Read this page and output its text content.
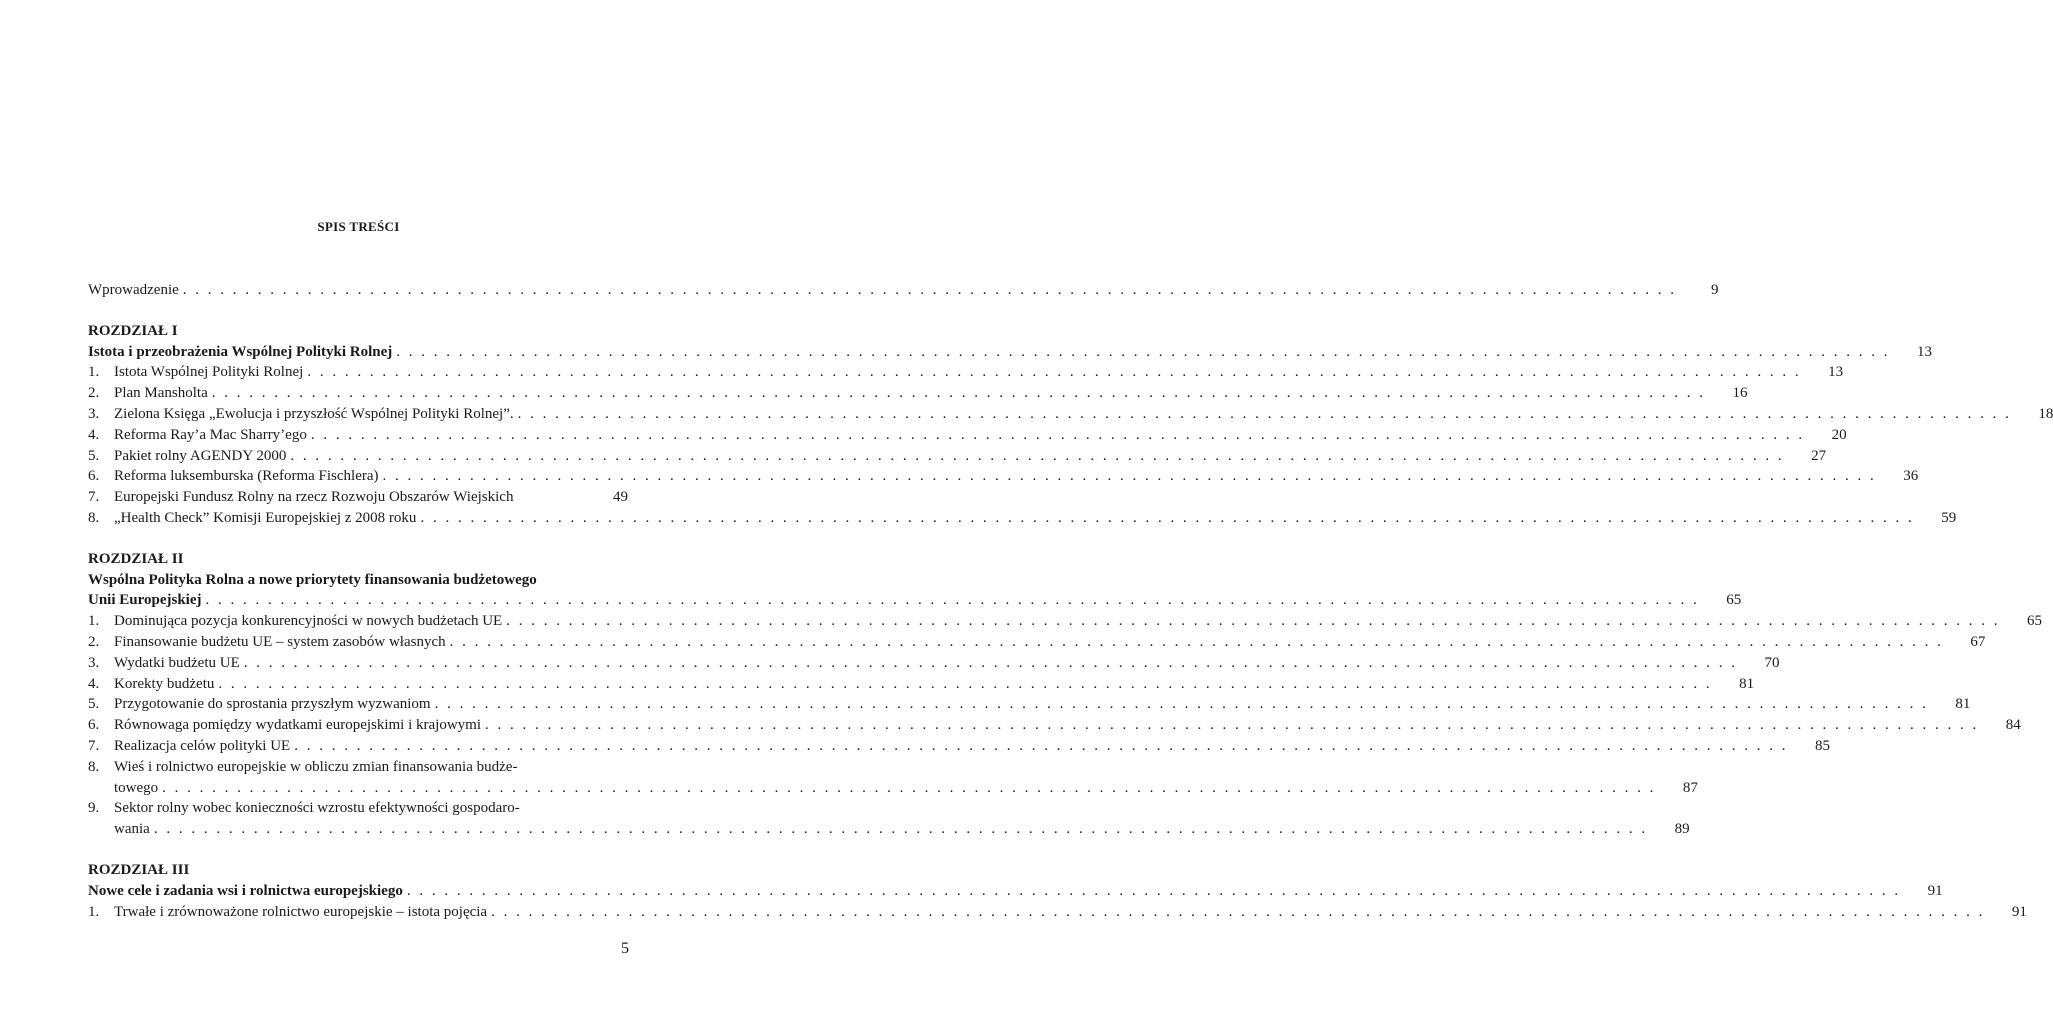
SPIS TREŚCI
Wprowadzenie . . . . . . . . . . . . . . . . . . . . . . . . . . . . . . . . . . . . . . . . . . . . . . . . . . . . . . . . . . . . . . . . . . . . . . . . . . . . . . . . . . . . . . . . . . . . . . . . . . . . . . . . . . . . . . . . . . . . . . . .	9
ROZDZIAŁ I
Istota i przeobrażenia Wspólnej Polityki Rolnej . . . . . . . . . . . . . . . . . . . . . . . . . . . . . . . . . . . . . . . . . . . . . . . . . . . . . . . . . . . . . . . . . . . . . . . . . . . . . . . . . . . . . . . . . . . . . . . . . . . . . . . . . . . . . . . . . . . . . . . .	13
1. Istota Wspólnej Polityki Rolnej . . . . . . . . . . . . . . . . . . . . . . . . . . . . . . . . . . . . . . . . . . . . . . . . . . . . . . . . . . . . . . . . . . . . . . . . . . . . . . . . . . . . . . . . . . . . . . . . . . . . . . . . . . . . . . . . . . . . . . . .	13
2. Plan Mansholta . . . . . . . . . . . . . . . . . . . . . . . . . . . . . . . . . . . . . . . . . . . . . . . . . . . . . . . . . . . . . . . . . . . . . . . . . . . . . . . . . . . . . . . . . . . . . . . . . . . . . . . . . . . . . . . . . . . . . . . .	16
3. Zielona Księga „Ewolucja i przyszłość Wspólnej Polityki Rolnej”. . . . . . . . . . . . . . . . . . . . . . . . . . . . . . . . . . . . . . . . . . . . . . . . . . . . . . . . . . . . . . . . . . . . . . . . . . . . . . . . . . . . . . . . . . . . . . . . . . . . . . . . . . . . . . . . . . . . . . . . .	18
4. Reforma Ray’a Mac Sharry’ego . . . . . . . . . . . . . . . . . . . . . . . . . . . . . . . . . . . . . . . . . . . . . . . . . . . . . . . . . . . . . . . . . . . . . . . . . . . . . . . . . . . . . . . . . . . . . . . . . . . . . . . . . . . . . . . . . . . . . . . .	20
5. Pakiet rolny AGENDY 2000 . . . . . . . . . . . . . . . . . . . . . . . . . . . . . . . . . . . . . . . . . . . . . . . . . . . . . . . . . . . . . . . . . . . . . . . . . . . . . . . . . . . . . . . . . . . . . . . . . . . . . . . . . . . . . . . . . . . . . . . .	27
6. Reforma luksemburska (Reforma Fischlera) . . . . . . . . . . . . . . . . . . . . . . . . . . . . . . . . . . . . . . . . . . . . . . . . . . . . . . . . . . . . . . . . . . . . . . . . . . . . . . . . . . . . . . . . . . . . . . . . . . . . . . . . . . . . . . . . . . . . . . . .	36
7. Europejski Fundusz Rolny na rzecz Rozwoju Obszarów Wiejskich	49
8. „Health Check” Komisji Europejskiej z 2008 roku . . . . . . . . . . . . . . . . . . . . . . . . . . . . . . . . . . . . . . . . . . . . . . . . . . . . . . . . . . . . . . . . . . . . . . . . . . . . . . . . . . . . . . . . . . . . . . . . . . . . . . . . . . . . . . . . . . . . . . . .	59
ROZDZIAŁ II
Wspólna Polityka Rolna a nowe priorytety finansowania budżetowego
Unii Europejskiej . . . . . . . . . . . . . . . . . . . . . . . . . . . . . . . . . . . . . . . . . . . . . . . . . . . . . . . . . . . . . . . . . . . . . . . . . . . . . . . . . . . . . . . . . . . . . . . . . . . . . . . . . . . . . . . . . . . . . . . .	65
1. Dominująca pozycja konkurencyjności w nowych budżetach UE . . . . . . . . . . . . . . . . . . . . . . . . . . . . . . . . . . . . . . . . . . . . . . . . . . . . . . . . . . . . . . . . . . . . . . . . . . . . . . . . . . . . . . . . . . . . . . . . . . . . . . . . . . . . . . . . . . . . . . . .	65
2. Finansowanie budżetu UE – system zasobów własnych . . . . . . . . . . . . . . . . . . . . . . . . . . . . . . . . . . . . . . . . . . . . . . . . . . . . . . . . . . . . . . . . . . . . . . . . . . . . . . . . . . . . . . . . . . . . . . . . . . . . . . . . . . . . . . . . . . . . . . . .	67
3. Wydatki budżetu UE . . . . . . . . . . . . . . . . . . . . . . . . . . . . . . . . . . . . . . . . . . . . . . . . . . . . . . . . . . . . . . . . . . . . . . . . . . . . . . . . . . . . . . . . . . . . . . . . . . . . . . . . . . . . . . . . . . . . . . . .	70
4. Korekty budżetu . . . . . . . . . . . . . . . . . . . . . . . . . . . . . . . . . . . . . . . . . . . . . . . . . . . . . . . . . . . . . . . . . . . . . . . . . . . . . . . . . . . . . . . . . . . . . . . . . . . . . . . . . . . . . . . . . . . . . . . .	81
5. Przygotowanie do sprostania przyszłym wyzwaniom . . . . . . . . . . . . . . . . . . . . . . . . . . . . . . . . . . . . . . . . . . . . . . . . . . . . . . . . . . . . . . . . . . . . . . . . . . . . . . . . . . . . . . . . . . . . . . . . . . . . . . . . . . . . . . . . . . . . . . . .	81
6. Równowaga pomiędzy wydatkami europejskimi i krajowymi . . . . . . . . . . . . . . . . . . . . . . . . . . . . . . . . . . . . . . . . . . . . . . . . . . . . . . . . . . . . . . . . . . . . . . . . . . . . . . . . . . . . . . . . . . . . . . . . . . . . . . . . . . . . . . . . . . . . . . . .	84
7. Realizacja celów polityki UE . . . . . . . . . . . . . . . . . . . . . . . . . . . . . . . . . . . . . . . . . . . . . . . . . . . . . . . . . . . . . . . . . . . . . . . . . . . . . . . . . . . . . . . . . . . . . . . . . . . . . . . . . . . . . . . . . . . . . . . .	85
8. Wieś i rolnictwo europejskie w obliczu zmian finansowania budże-
towego . . . . . . . . . . . . . . . . . . . . . . . . . . . . . . . . . . . . . . . . . . . . . . . . . . . . . . . . . . . . . . . . . . . . . . . . . . . . . . . . . . . . . . . . . . . . . . . . . . . . . . . . . . . . . . . . . . . . . . . .	87
9. Sektor rolny wobec konieczności wzrostu efektywności gospodaro-
wania . . . . . . . . . . . . . . . . . . . . . . . . . . . . . . . . . . . . . . . . . . . . . . . . . . . . . . . . . . . . . . . . . . . . . . . . . . . . . . . . . . . . . . . . . . . . . . . . . . . . . . . . . . . . . . . . . . . . . . . .	89
ROZDZIAŁ III
Nowe cele i zadania wsi i rolnictwa europejskiego . . . . . . . . . . . . . . . . . . . . . . . . . . . . . . . . . . . . . . . . . . . . . . . . . . . . . . . . . . . . . . . . . . . . . . . . . . . . . . . . . . . . . . . . . . . . . . . . . . . . . . . . . . . . . . . . . . . . . . . .	91
1. Trwałe i zrównoważone rolnictwo europejskie – istota pojęcia . . . . . . . . . . . . . . . . . . . . . . . . . . . . . . . . . . . . . . . . . . . . . . . . . . . . . . . . . . . . . . . . . . . . . . . . . . . . . . . . . . . . . . . . . . . . . . . . . . . . . . . . . . . . . . . . . . . . . . . .	91
5
